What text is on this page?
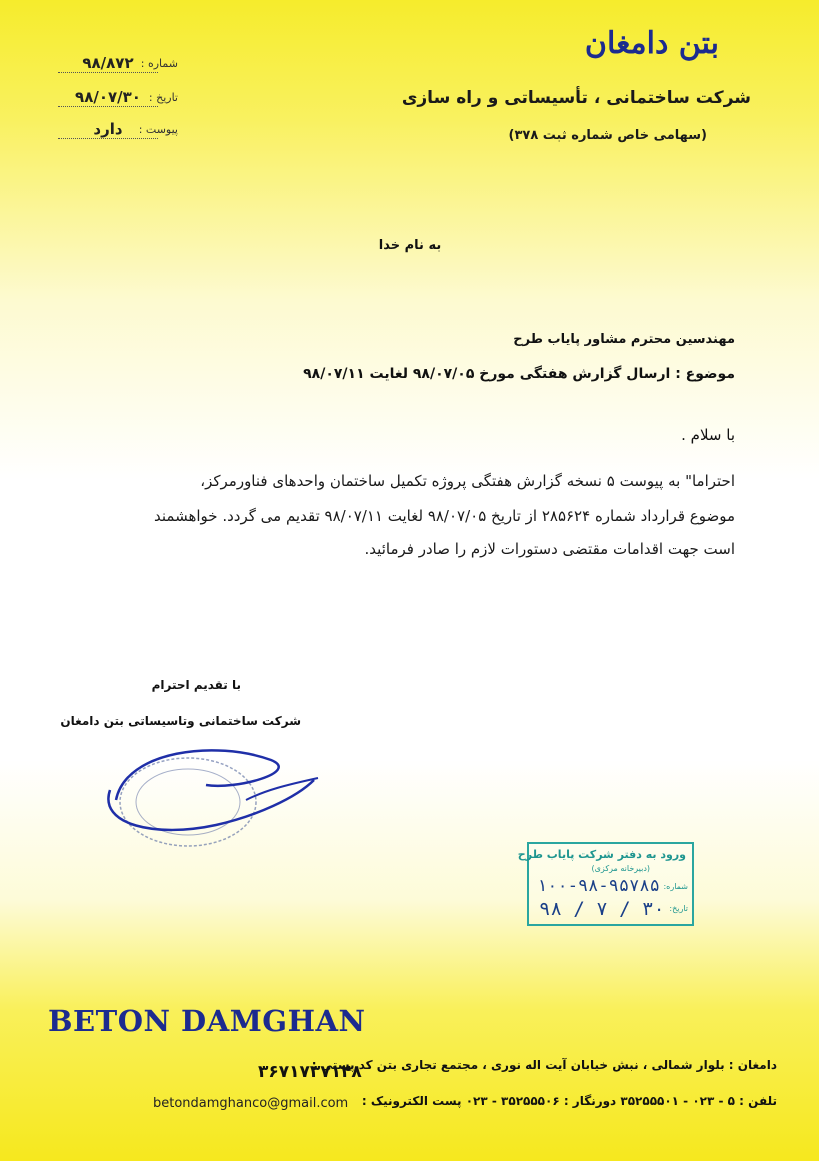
۹۸/۸۷۲ شماره :
۹۸/۰۷/۳۰ تاریخ :
دارد	پیوست :
بتن دامغان
شرکت ساختمانی ، تأسیساتی و راه سازی
(سهامی خاص شماره ثبت ۳۷۸)
به نام خدا
مهندسین محترم مشاور پایاب طرح
موضوع : ارسال گزارش هفتگی مورخ ۹۸/۰۷/۰۵ لغایت ۹۸/۰۷/۱۱
با سلام .
احتراما" به پیوست ۵ نسخه گزارش هفتگی پروژه تکمیل ساختمان واحدهای فناورمرکز،
موضوع قرارداد شماره ۲۸۵۶۲۴ از تاریخ ۹۸/۰۷/۰۵ لغایت ۹۸/۰۷/۱۱ تقدیم می گردد. خواهشمند
است جهت اقدامات مقتضی دستورات لازم را صادر فرمائید.
با تقدیم احترام
شرکت ساختمانی وتاسیساتی بتن دامغان
ورود به دفتر شرکت پایاب طرح
(دبیرخانه مرکزی)
شماره:
۱۰۰-۹۸-۹۵۷۸۵
تاریخ:
۹۸ / ۷ / ۳۰
BETON DAMGHAN
دامغان : بلوار شمالی ، نبش خیابان آیت اله نوری ، مجتمع تجاری بتن کد پستی :
۳۶۷۱۷۳۷۱۴۸
تلفن : ۵ - ۰۲۳ - ۳۵۲۵۵۵۰۱ دورنگار : ۳۵۲۵۵۵۰۶ - ۰۲۳ پست الکترونیک :
betondamghanco@gmail.com
